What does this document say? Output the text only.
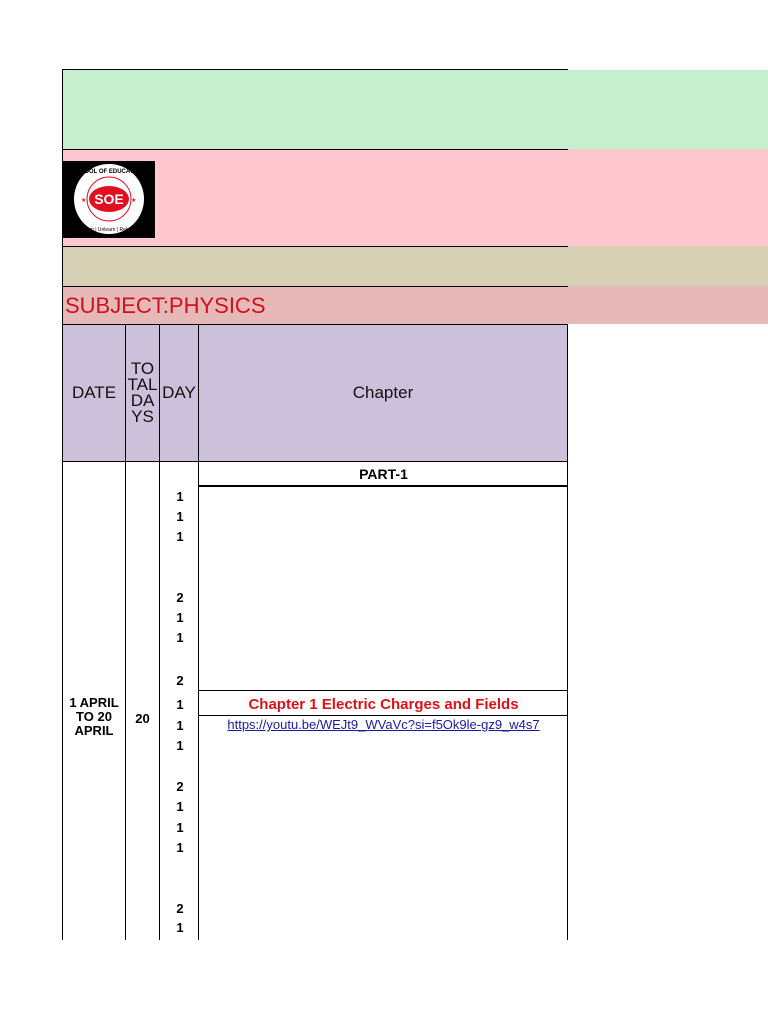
SOE
SCHOOL OF EDUCATORS
Learn | Unlearn | Relearn
★	★
SUBJECT:PHYSICS
DATE
TO TAL DA YS
DAY	Chapter
PART-1
1 APRIL TO 20 APRIL
20
1
1
1
2
1
1
2
1
1
1
2
1
1
1
2
1
Chapter 1 Electric Charges and Fields
https://youtu.be/WEJt9_WVaVc?si=f5Ok9le-gz9_w4s7
